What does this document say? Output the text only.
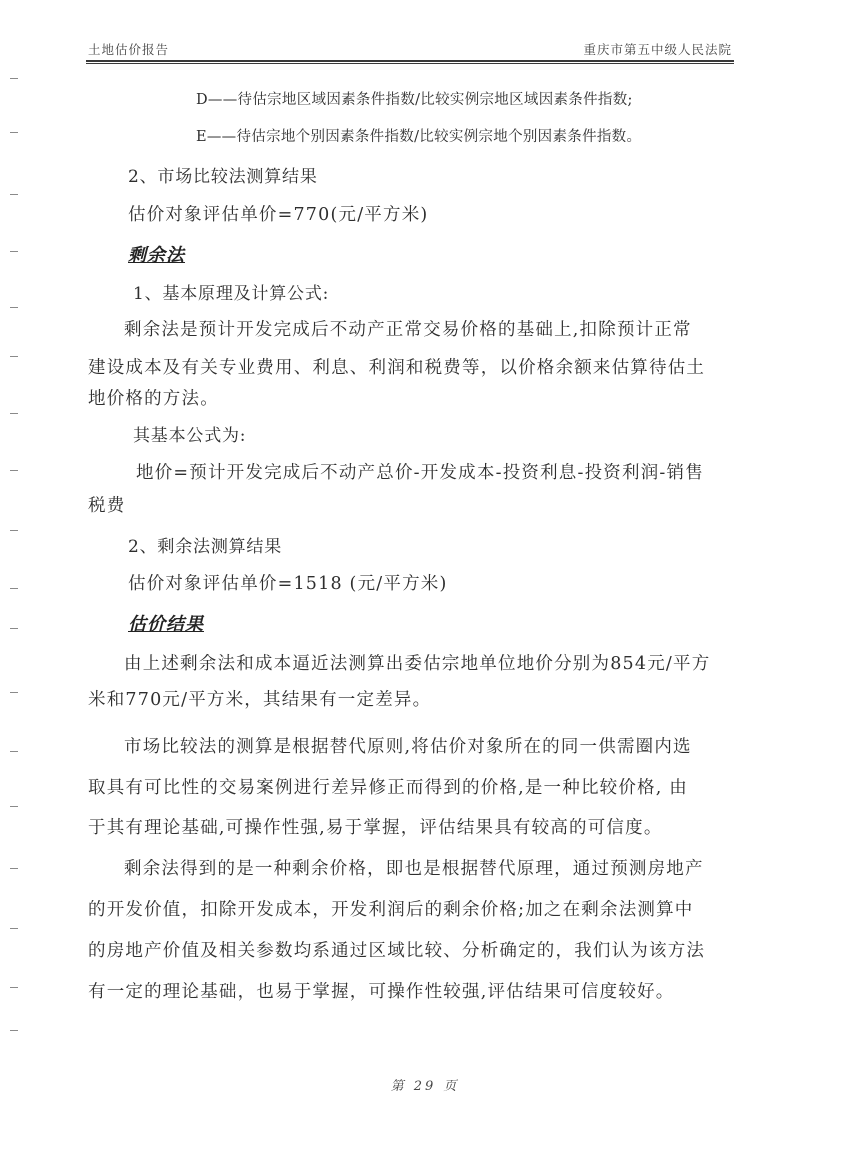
土地估价报告	重庆市第五中级人民法院
D——待估宗地区域因素条件指数/比较实例宗地区域因素条件指数;
E——待估宗地个别因素条件指数/比较实例宗地个别因素条件指数。
2、市场比较法测算结果
估价对象评估单价=770(元/平方米)
剩余法
1、基本原理及计算公式:
剩余法是预计开发完成后不动产正常交易价格的基础上,扣除预计正常
建设成本及有关专业费用、利息、利润和税费等，以价格余额来估算待估土
地价格的方法。
其基本公式为:
地价=预计开发完成后不动产总价-开发成本-投资利息-投资利润-销售
税费
2、剩余法测算结果
估价对象评估单价=1518 (元/平方米)
估价结果
由上述剩余法和成本逼近法测算出委估宗地单位地价分别为854元/平方
米和770元/平方米，其结果有一定差异。
市场比较法的测算是根据替代原则,将估价对象所在的同一供需圈内选
取具有可比性的交易案例进行差异修正而得到的价格,是一种比较价格, 由
于其有理论基础,可操作性强,易于掌握，评估结果具有较高的可信度。
剩余法得到的是一种剩余价格，即也是根据替代原理，通过预测房地产
的开发价值，扣除开发成本，开发利润后的剩余价格;加之在剩余法测算中
的房地产价值及相关参数均系通过区域比较、分析确定的，我们认为该方法
有一定的理论基础，也易于掌握，可操作性较强,评估结果可信度较好。
第 29 页
